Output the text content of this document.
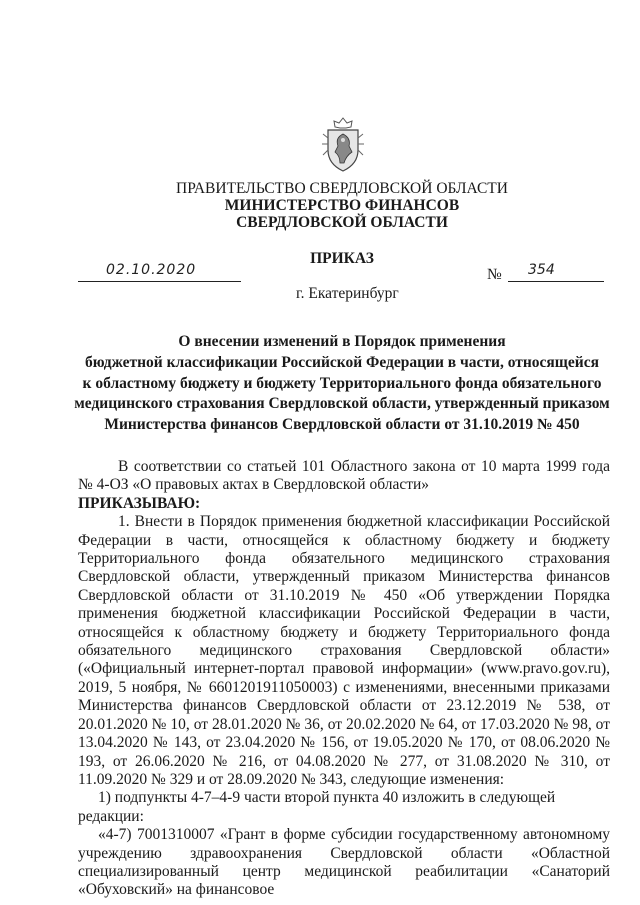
ПРАВИТЕЛЬСТВО СВЕРДЛОВСКОЙ ОБЛАСТИ
МИНИСТЕРСТВО ФИНАНСОВ
СВЕРДЛОВСКОЙ ОБЛАСТИ
ПРИКАЗ
02.10.2020	№ 354
г. Екатеринбург
О внесении изменений в Порядок применения
бюджетной классификации Российской Федерации в части, относящейся
к областному бюджету и бюджету Территориального фонда обязательного
медицинского страхования Свердловской области, утвержденный приказом
Министерства финансов Свердловской области от 31.10.2019 № 450

В соответствии со статьей 101 Областного закона от 10 марта 1999 года № 4-ОЗ «О правовых актах в Свердловской области»

ПРИКАЗЫВАЮ:

1. Внести в Порядок применения бюджетной классификации Российской Федерации в части, относящейся к областному бюджету и бюджету Территориального фонда обязательного медицинского страхования Свердловской области, утвержденный приказом Министерства финансов Свердловской области от 31.10.2019 № 450 «Об утверждении Порядка применения бюджетной классификации Российской Федерации в части, относящейся к областному бюджету и бюджету Территориального фонда обязательного медицинского страхования Свердловской области» («Официальный интернет-портал правовой информации» (www.pravo.gov.ru), 2019, 5 ноября, № 6601201911050003) с изменениями, внесенными приказами Министерства финансов Свердловской области от 23.12.2019 № 538, от 20.01.2020 № 10, от 28.01.2020 № 36, от 20.02.2020 № 64, от 17.03.2020 № 98, от 13.04.2020 № 143, от 23.04.2020 № 156, от 19.05.2020 № 170, от 08.06.2020 № 193, от 26.06.2020 № 216, от 04.08.2020 № 277, от 31.08.2020 № 310, от 11.09.2020 № 329 и от 28.09.2020 № 343, следующие изменения:

1) подпункты 4-7–4-9 части второй пункта 40 изложить в следующей редакции:

«4-7) 7001310007 «Грант в форме субсидии государственному автономному учреждению здравоохранения Свердловской области «Областной специализированный центр медицинской реабилитации «Санаторий «Обуховский» на финансовое
